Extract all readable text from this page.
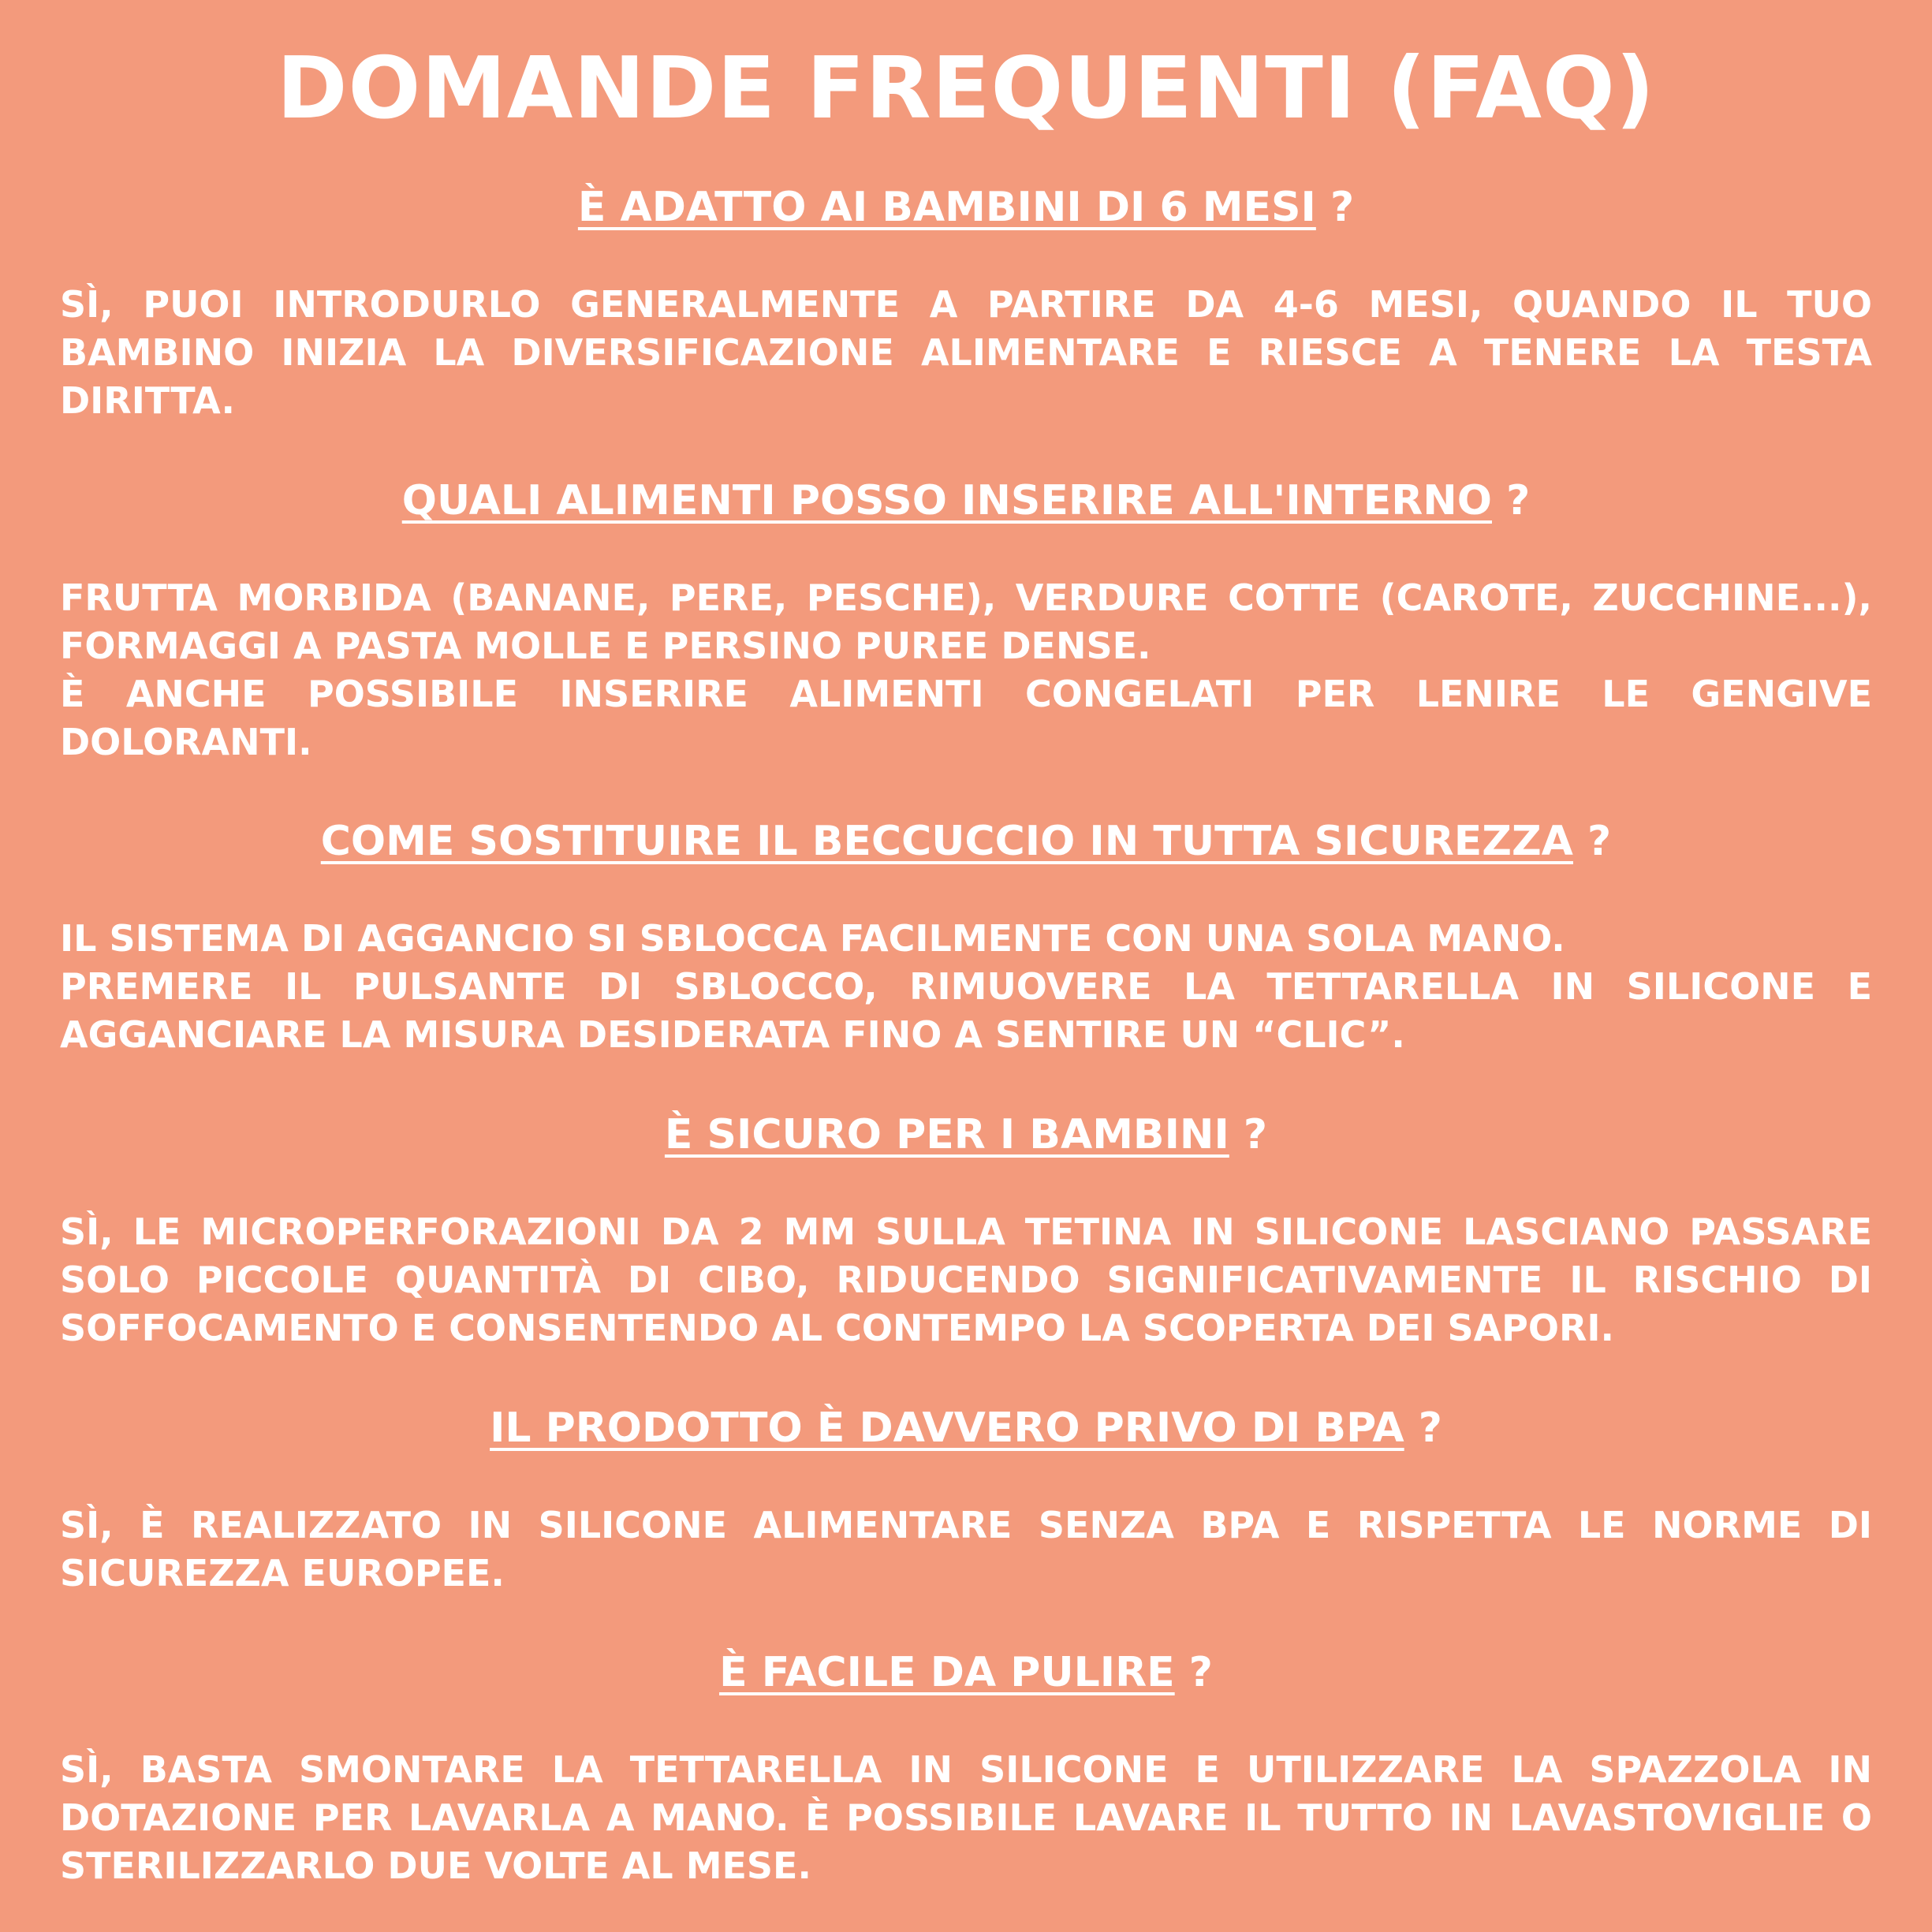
DOMANDE FREQUENTI (FAQ)
È ADATTO AI BAMBINI DI 6 MESI ?

SÌ, PUOI INTRODURLO GENERALMENTE A PARTIRE DA 4-6 MESI, QUANDO IL TUO BAMBINO INIZIA LA DIVERSIFICAZIONE ALIMENTARE E RIESCE A TENERE LA TESTA DIRITTA.

QUALI ALIMENTI POSSO INSERIRE ALL'INTERNO ?

FRUTTA MORBIDA (BANANE, PERE, PESCHE), VERDURE COTTE (CAROTE, ZUCCHINE...), FORMAGGI A PASTA MOLLE E PERSINO PUREE DENSE.

È ANCHE POSSIBILE INSERIRE ALIMENTI CONGELATI PER LENIRE LE GENGIVE DOLORANTI.

COME SOSTITUIRE IL BECCUCCIO IN TUTTA SICUREZZA ?

IL SISTEMA DI AGGANCIO SI SBLOCCA FACILMENTE CON UNA SOLA MANO.

PREMERE IL PULSANTE DI SBLOCCO, RIMUOVERE LA TETTARELLA IN SILICONE E AGGANCIARE LA MISURA DESIDERATA FINO A SENTIRE UN “CLIC”.

È SICURO PER I BAMBINI ?

SÌ, LE MICROPERFORAZIONI DA 2 MM SULLA TETINA IN SILICONE LASCIANO PASSARE SOLO PICCOLE QUANTITÀ DI CIBO, RIDUCENDO SIGNIFICATIVAMENTE IL RISCHIO DI SOFFOCAMENTO E CONSENTENDO AL CONTEMPO LA SCOPERTA DEI SAPORI.

IL PRODOTTO È DAVVERO PRIVO DI BPA ?

SÌ, È REALIZZATO IN SILICONE ALIMENTARE SENZA BPA E RISPETTA LE NORME DI SICUREZZA EUROPEE.

È FACILE DA PULIRE ?

SÌ, BASTA SMONTARE LA TETTARELLA IN SILICONE E UTILIZZARE LA SPAZZOLA IN DOTAZIONE PER LAVARLA A MANO. È POSSIBILE LAVARE IL TUTTO IN LAVASTOVIGLIE O STERILIZZARLO DUE VOLTE AL MESE.
